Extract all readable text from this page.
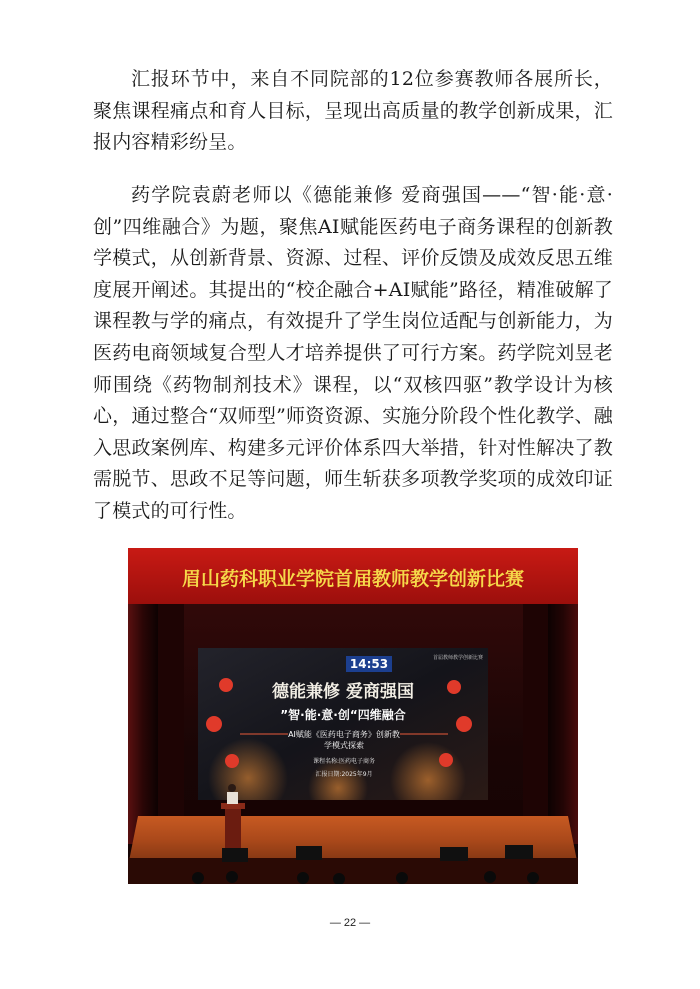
汇报环节中，来自不同院部的12位参赛教师各展所长，聚焦课程痛点和育人目标，呈现出高质量的教学创新成果，汇报内容精彩纷呈。

药学院袁蔚老师以《德能兼修 爱商强国——“智·能·意·创”四维融合》为题，聚焦AI赋能医药电子商务课程的创新教学模式，从创新背景、资源、过程、评价反馈及成效反思五维度展开阐述。其提出的“校企融合+AI赋能”路径，精准破解了课程教与学的痛点，有效提升了学生岗位适配与创新能力，为医药电商领域复合型人才培养提供了可行方案。药学院刘昱老师围绕《药物制剂技术》课程，以“双核四驱”教学设计为核心，通过整合“双师型”师资资源、实施分阶段个性化教学、融入思政案例库、构建多元评价体系四大举措，针对性解决了教需脱节、思政不足等问题，师生斩获多项教学奖项的成效印证了模式的可行性。

眉山药科职业学院首届教师教学创新比赛
首届教师教学创新比赛
14:53
德能兼修 爱商强国
”智·能·意·创“四维融合
AI赋能《医药电子商务》创新教
学模式探索
课程名称:医药电子商务
汇报日期:2025年9月
— 22 —
